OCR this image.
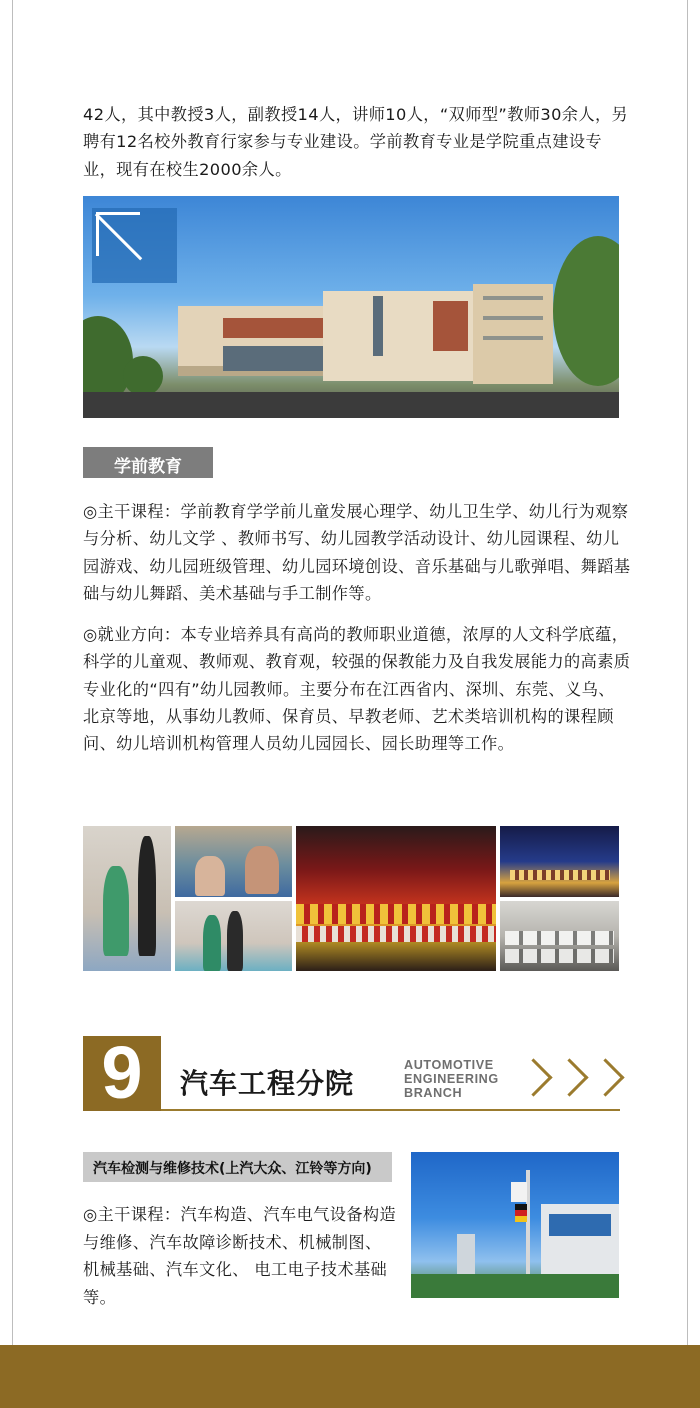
42人，其中教授3人，副教授14人，讲师10人，“双师型”教师30余人，另聘有12名校外教育行家参与专业建设。学前教育专业是学院重点建设专业，现有在校生2000余人。

学前教育

◎主干课程：学前教育学学前儿童发展心理学、幼儿卫生学、幼儿行为观察与分析、幼儿文学 、教师书写、幼儿园教学活动设计、幼儿园课程、幼儿园游戏、幼儿园班级管理、幼儿园环境创设、音乐基础与儿歌弹唱、舞蹈基础与幼儿舞蹈、美术基础与手工制作等。

◎就业方向：本专业培养具有高尚的教师职业道德，浓厚的人文科学底蕴，科学的儿童观、教师观、教育观，较强的保教能力及自我发展能力的高素质专业化的“四有”幼儿园教师。主要分布在江西省内、深圳、东莞、义乌、北京等地，从事幼儿教师、保育员、早教老师、艺术类培训机构的课程顾问、幼儿培训机构管理人员幼儿园园长、园长助理等工作。

9	汽车工程分院
AUTOMOTIVE
ENGINEERING
BRANCH
汽车检测与维修技术(上汽大众、江铃等方向)

◎主干课程：汽车构造、汽车电气设备构造与维修、汽车故障诊断技术、机械制图、机械基础、汽车文化、 电工电子技术基础等。
